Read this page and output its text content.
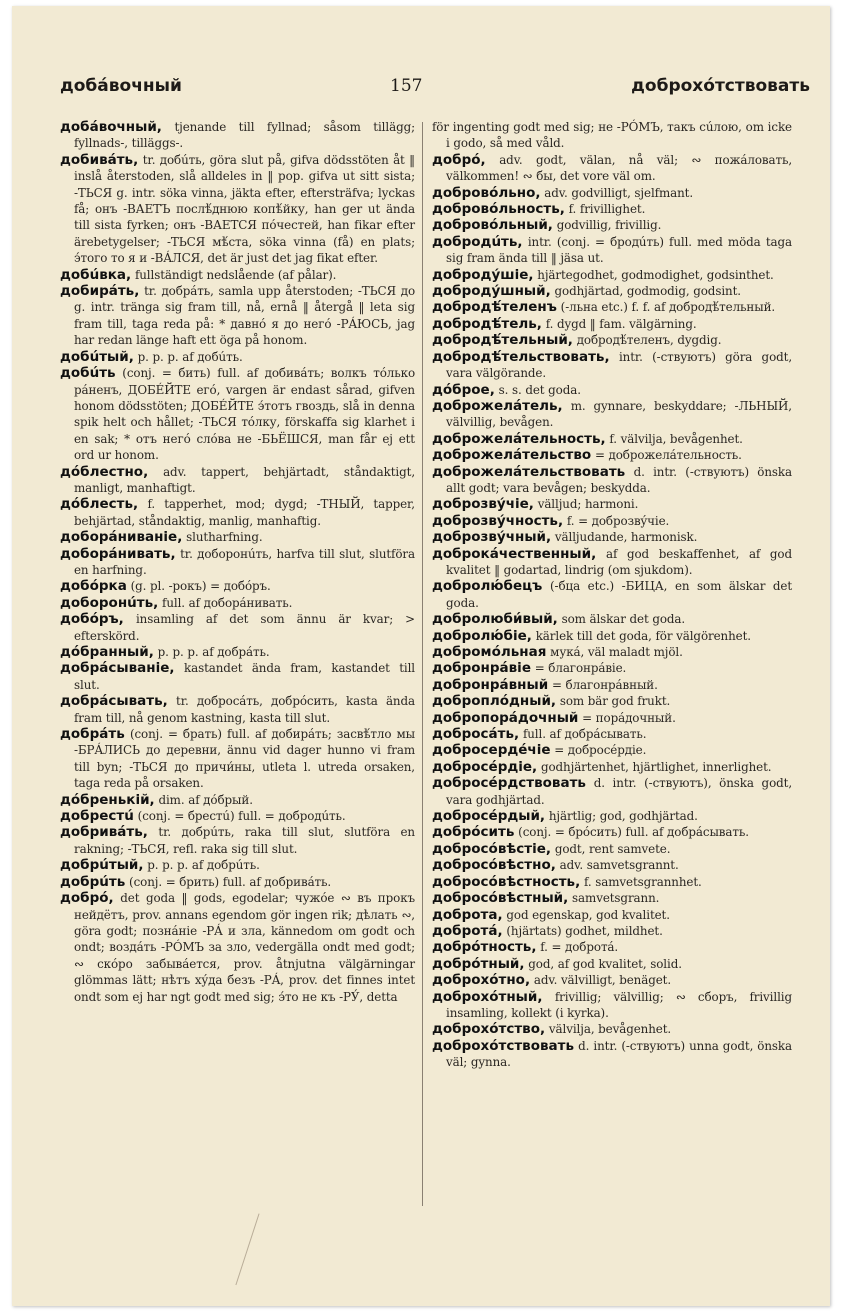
добáвочный	157	доброхóтствовать

добáвочный, tjenande till fyllnad; såsom tillägg; fyllnads-, tilläggs-.

добивáть, tr. добúть, göra slut på, gifva dödsstöten åt ‖ inslå återstoden, slå alldeles in ‖ pop. gifva ut sitt sista; -ТЬСЯ g. intr. söka vinna, jäkta efter, eftersträfva; lyckas få; онъ -ВАЕТЪ послѣ́днюю копѣ́йку, han ger ut ända till sista fyrken; онъ -ВАЕТСЯ пóчестей, han fikar efter ärebetygelser; -ТЬСЯ мѣ́ста, söka vinna (få) en plats; э́того то я и -ВÁЛСЯ, det är just det jag fikat efter.

добúвка, fullständigt nedslående (af pålar).

добирáть, tr. добрáть, samla upp återstoden; -ТЬСЯ до g. intr. tränga sig fram till, nå, ernå ‖ återgå ‖ leta sig fram till, taga reda på: * давнó я до негó -РÁЮСЬ, jag har redan länge haft ett öga på honom.

добúтый, p. p. p. af добúть.

добúть (conj. = бить) full. af добивáть; волкъ тóлько рáненъ, ДОБÉЙТЕ егó, vargen är endast sårad, gifven honom dödsstöten; ДОБÉЙТЕ э́тотъ гвоздь, slå in denna spik helt och hållet; -ТЬСЯ тóлку, förskaffa sig klarhet i en sak; * отъ негó слóва не -БЬЁШСЯ, man får ej ett ord ur honom.

дóблестно, adv. tappert, behjärtadt, ståndaktigt, manligt, manhaftigt.

дóблесть, f. tapperhet, mod; dygd; -ТНЫЙ, tapper, behjärtad, ståndaktig, manlig, manhaftig.

доборáниваніе, slutharfning.

доборáнивать, tr. доборонúть, harfva till slut, slutföra en harfning.

добóрка (g. pl. -рокъ) = добóръ.

доборонúть, full. af доборáнивать.

добóръ, insamling af det som ännu är kvar; > efterskörd.

дóбранный, p. p. p. af добрáть.

добрáсываніе, kastandet ända fram, kastandet till slut.

добрáсывать, tr. добросáть, добрóсить, kasta ända fram till, nå genom kastning, kasta till slut.

добрáть (conj. = брать) full. af добирáть; засвѣ́тло мы -БРÁЛИСЬ до деревни, ännu vid dager hunno vi fram till byn; -ТЬСЯ до причи́ны, utleta l. utreda orsaken, taga reda på orsaken.

дóбренькій, dim. af дóбрый.

добрестú (conj. = брестú) full. = добродúть.

добривáть, tr. добрúть, raka till slut, slutföra en rakning; -ТЬСЯ, refl. raka sig till slut.

добрúтый, p. p. p. af добрúть.

добрúть (conj. = брить) full. af добривáть.

добрó, det goda ‖ gods, egodelar; чужóе ∾ въ прокъ нейдётъ, prov. annans egendom gör ingen rik; дѣлать ∾, göra godt; познáніе -РÁ и зла, kännedom om godt och ondt; воздáть -РÓМЪ за зло, vedergälla ondt med godt; ∾ скóро забывáется, prov. åtnjutna välgärningar glömmas lätt; нѣтъ хýда безъ -РÁ, prov. det finnes intet ondt som ej har ngt godt med sig; э́то не къ -РУ́, detta

för ingenting godt med sig; не -РÓМЪ, такъ сúлою, om icke i godo, så med våld.

добрó, adv. godt, välan, nå väl; ∾ пожáловать, välkommen! ∾ бы, det vore väl om.

добровóльно, adv. godvilligt, sjelfmant.

добровóльность, f. frivillighet.

добровóльный, godvillig, frivillig.

добродúть, intr. (conj. = бродúть) full. med möda taga sig fram ända till ‖ jäsa ut.

добродýшіе, hjärtegodhet, godmodighet, godsinthet.

добродýшный, godhjärtad, godmodig, godsint.

добродѣ́теленъ (-льна etc.) f. f. af добродѣ́тельный.

добродѣ́тель, f. dygd ‖ fam. välgärning.

добродѣ́тельный, добродѣ́теленъ, dygdig.

добродѣ́тельствовать, intr. (-ствуютъ) göra godt, vara välgörande.

дóброе, s. s. det goda.

доброжелáтель, m. gynnare, beskyddare; -ЛЬНЫЙ, välvillig, bevågen.

доброжелáтельность, f. välvilja, bevågenhet.

доброжелáтельство = доброжелáтельность.

доброжелáтельствовать d. intr. (-ствуютъ) önska allt godt; vara bevågen; beskydda.

доброзвýчіе, välljud; harmoni.

доброзвýчность, f. = доброзвýчіе.

доброзвýчный, välljudande, harmonisk.

доброкáчественный, af god beskaffenhet, af god kvalitet ‖ godartad, lindrig (om sjukdom).

добролю́бецъ (-бца etc.) -БИЦА, en som älskar det goda.

добролюби́вый, som älskar det goda.

добролю́біе, kärlek till det goda, för välgörenhet.

добромóльная мукá, väl maladt mjöl.

добронрáвіе = благонрáвіе.

добронрáвный = благонрáвный.

доброплóдный, som bär god frukt.

добропорáдочный = порáдочный.

добросáть, full. af добрáсывать.

добросердéчіе = добросéрдіе.

добросéрдіе, godhjärtenhet, hjärtlighet, innerlighet.

добросéрдствовать d. intr. (-ствуютъ), önska godt, vara godhjärtad.

добросéрдый, hjärtlig; god, godhjärtad.

добрóсить (conj. = брóсить) full. af добрáсывать.

добросóвѣстіе, godt, rent samvete.

добросóвѣстно, adv. samvetsgrannt.

добросóвѣстность, f. samvetsgrannhet.

добросóвѣстный, samvetsgrann.

доброта, god egenskap, god kvalitet.

добротá, (hjärtats) godhet, mildhet.

добрóтность, f. = добротá.

добрóтный, god, af god kvalitet, solid.

доброхóтно, adv. välvilligt, benäget.

доброхóтный, frivillig; välvillig; ∾ сборъ, frivillig insamling, kollekt (i kyrka).

доброхóтство, välvilja, bevågenhet.

доброхóтствовать d. intr. (-ствуютъ) unna godt, önska väl; gynna.
